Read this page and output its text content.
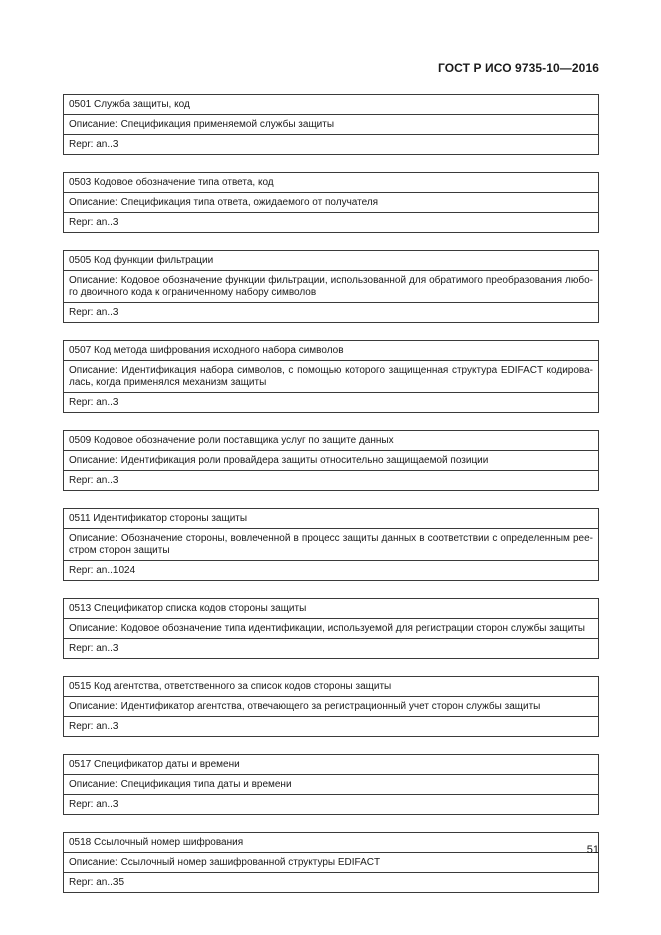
ГОСТ Р ИСО 9735-10—2016
0501 Служба защиты, код
Описание: Спецификация применяемой службы защиты
Repr: an..3
0503 Кодовое обозначение типа ответа, код
Описание: Спецификация типа ответа, ожидаемого от получателя
Repr: an..3
0505 Код функции фильтрации
Описание: Кодовое обозначение функции фильтрации, использованной для обратимого преобразования любо-го двоичного кода к ограниченному набору символов
Repr: an..3
0507 Код метода шифрования исходного набора символов
Описание: Идентификация набора символов, с помощью которого защищенная структура EDIFACT кодирова-лась, когда применялся механизм защиты
Repr: an..3
0509 Кодовое обозначение роли поставщика услуг по защите данных
Описание: Идентификация роли провайдера защиты относительно защищаемой позиции
Repr: an..3
0511 Идентификатор стороны защиты
Описание: Обозначение стороны, вовлеченной в процесс защиты данных в соответствии с определенным рее-стром сторон защиты
Repr: an..1024
0513 Спецификатор списка кодов стороны защиты
Описание: Кодовое обозначение типа идентификации, используемой для регистрации сторон службы защиты
Repr: an..3
0515 Код агентства, ответственного за список кодов стороны защиты
Описание: Идентификатор агентства, отвечающего за регистрационный учет сторон службы защиты
Repr: an..3
0517 Спецификатор даты и времени
Описание: Спецификация типа даты и времени
Repr: an..3
0518 Ссылочный номер шифрования
Описание: Ссылочный номер зашифрованной структуры EDIFACT
Repr: an..35
51
